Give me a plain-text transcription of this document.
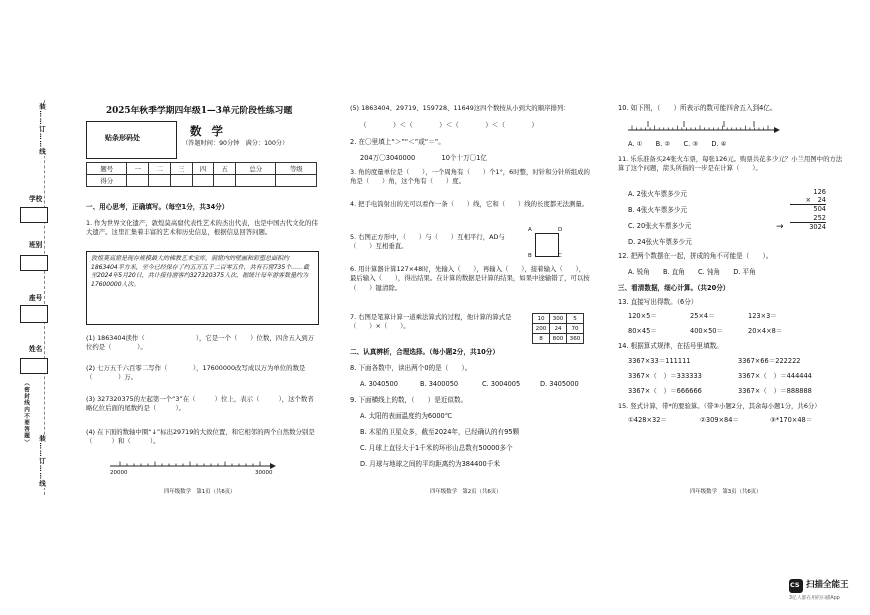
装……订……线
装……订……线
学校
班别
座号
姓名
（密封线内不要答题）
2025年秋季学期四年级1—3单元阶段性练习题
贴条形码处	数 学
（答题时间：90分钟　满分：100分）
题号	一	二	三	四	五	总分	等级
得分							
一、用心思考，正确填写。（每空1分，共34分）
1. 作为世界文化遗产，敦煌莫高窟代表性艺术的杰出代表，也是中国古代文化的伟大遗产。这里汇集着丰富的艺术和历史信息，根据信息回答问题。
敦煌莫高窟是现存规模最大的佛教艺术宝库，洞窟内的壁画和彩塑总面积约1863404平方米，至今已经保存了约五万五千二百零五件，共有石窟735个……截至2024年5月20日，共计接待游客约327320375人次，据统计每年游客数量约为17600000人次。
(1) 1863404读作（　　　　　　　　），它是一个（　　）位数，四舍五入到万位约是（　　　　）。
(2) 七万五千六百零二写作（　　　　），17600000改写成以万为单位的数是（　　　　）万。
(3) 327320375的左起第一个“3”在（　　　）位上，表示（　　　），这个数省略亿位后面的尾数约是（　　　）。
(4) 在下面的数轴中圈“↓”标出29719的大致位置，和它相邻的两个自然数分别是（　　　）和（　　　）。
20000	30000
四年级数学　第1页（共6页）
(5) 1863404、29719、159728、11649这四个数按从小到大的顺序排列：
（　　　　）＜（　　　　）＜（　　　　）＜（　　　　）
2. 在〇里填上“＞”“＜”或“＝”。
204万〇3040000　　　　10个十万〇1亿
3. 角的度量单位是（　　），一个周角有（　　）个1°，6时整，时针和分针所组成的角是（　　）角，这个角有（　　）度。
4. 把手电筒射出的光可以看作一条（　　）线，它和（　　）线的长度都无法测量。
5. 右图正方形中，（　　）与（　　）互相平行，AD与（　　）互相垂直。
A	D
B	C
6. 用计算器计算127×48时，先输入（　　），再输入（　　），接着输入（　　），最后输入（　　），得出结果。在计算的数据是计算的结果，如果中途输错了，可以按（　　）键清除。
7. 右图是笔算计算一道乘法算式的过程，他计算的算式是（　　）×（　　）。
10	300	5
200	24	70
8	800	360
二、认真辨析，合理选择。（每小题2分，共10分）
8. 下面各数中，读出两个0的是（　　）。
A. 3040500	B. 3400050	C. 3004005	D. 3405000
9. 下面横线上的数，（　　）是近似数。
A. 太阳的表面温度约为6000℃
B. 木星的卫星众多，截至2024年，已经确认的有95颗
C. 月球上直径大于1千米的环形山总数有50000多个
D. 月球与地球之间的平均距离约为384400千米
四年级数学　第2页（共6页）
10. 如下图，（　　）所表示的数可能四舍五入到4亿。
A. ①　　B. ②　　C. ③　　D. ④
11. 乐乐准备买24张火车票，每张126元。购票共花多少元？小兰用图中的方法算了这个问题，箭头所指的一步是在计算（　　）。
A. 2张火车票多少元
B. 4张火车票多少元
C. 20张火车票多少元
D. 24张火车票多少元
126
×　24
504
252
3024
→
12. 把两个数摆在一起，拼成的角不可能是（　　）。
A. 锐角　　B. 直角　　C. 钝角　　D. 平角
三、看清数据，细心计算。（共20分）
13. 直接写出得数。（6分）
120×5＝	25×4＝	123×3＝
80×45＝	400×50＝	20×4×8＝
14. 根据算式规律，在括号里填数。
3367×33＝111111	3367×66＝222222
3367×（　）＝333333	3367×（　）＝444444
3367×（　）＝666666	3367×（　）＝888888
15. 竖式计算，带*的要验算。（带③小题2分，其余每小题1分，共6分）
①428×32＝	②309×84＝	③*170×48＝
四年级数学　第3页（共6页）
CS 扫描全能王
3亿人都在用的扫描App
